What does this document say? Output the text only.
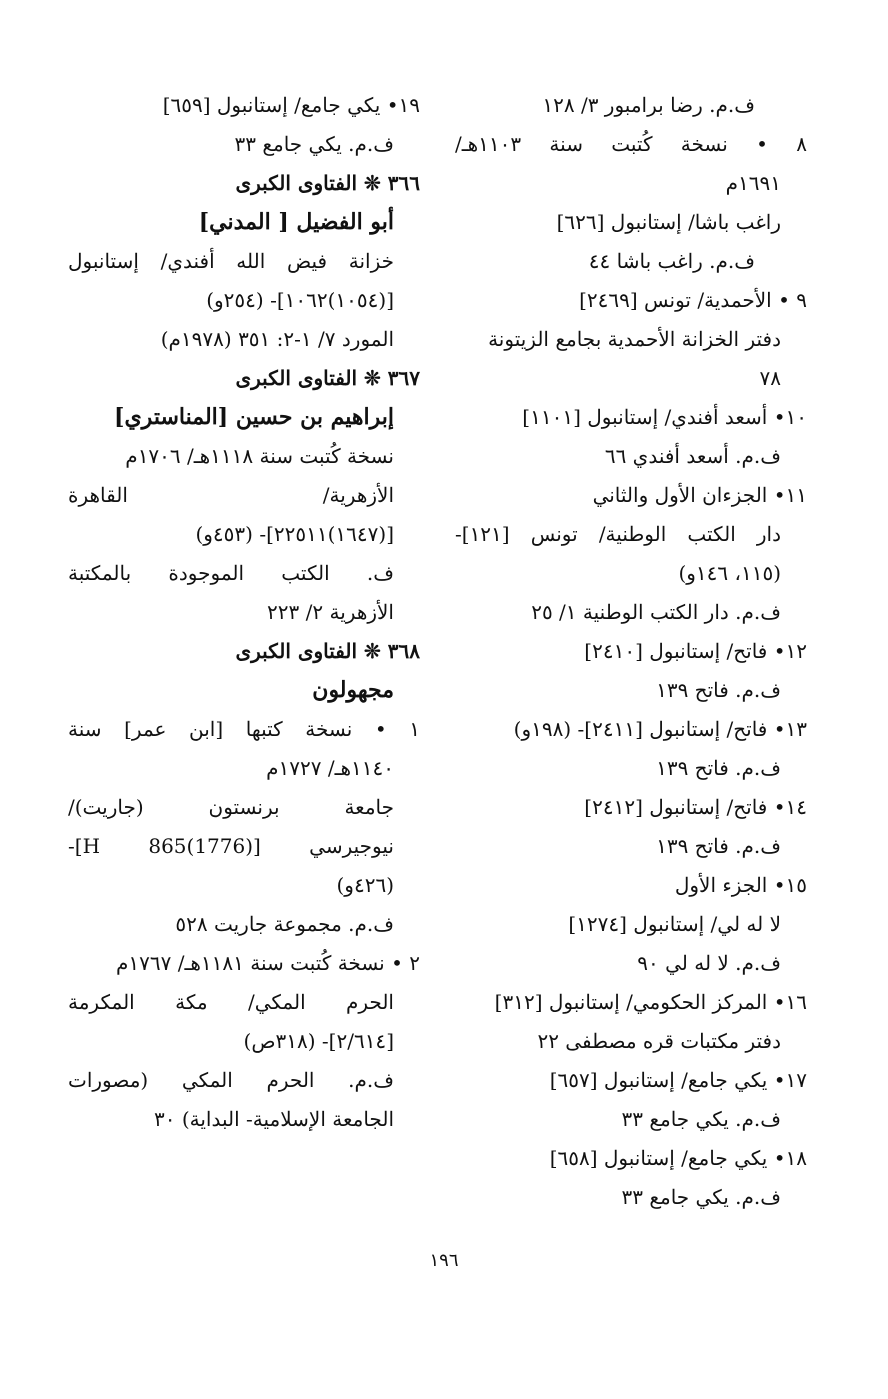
ف.م. رضا برامبور ٣/ ١٢٨
٨ • نسخة كُتبت سنة ١١٠٣هـ/
١٦٩١م
راغب باشا/ إستانبول [٦٢٦]
ف.م. راغب باشا ٤٤
٩ • الأحمدية/ تونس [٢٤٦٩]
دفتر الخزانة الأحمدية بجامع الزيتونة
٧٨
١٠• أسعد أفندي/ إستانبول [١١٠١]
ف.م. أسعد أفندي ٦٦
١١• الجزءان الأول والثاني
دار الكتب الوطنية/ تونس [١٢١]-
(١١٥، ١٤٦و)
ف.م. دار الكتب الوطنية ١/ ٢٥
١٢• فاتح/ إستانبول [٢٤١٠]
ف.م. فاتح ١٣٩
١٣• فاتح/ إستانبول [٢٤١١]- (١٩٨و)
ف.م. فاتح ١٣٩
١٤• فاتح/ إستانبول [٢٤١٢]
ف.م. فاتح ١٣٩
١٥• الجزء الأول
لا له لي/ إستانبول [١٢٧٤]
ف.م. لا له لي ٩٠
١٦• المركز الحكومي/ إستانبول [٣١٢]
دفتر مكتبات قره مصطفى ٢٢
١٧• يكي جامع/ إستانبول [٦٥٧]
ف.م. يكي جامع ٣٣
١٨• يكي جامع/ إستانبول [٦٥٨]
ف.م. يكي جامع ٣٣
١٩• يكي جامع/ إستانبول [٦٥٩]
ف.م. يكي جامع ٣٣
٣٦٦ ❊ الفتاوى الكبرى
أبو الفضيل [ المدني]
خزانة فيض الله أفندي/ إستانبول
[(١٠٥٤)١٠٦٢]- (٢٥٤و)
المورد ٧/ ١-٢: ٣٥١ (١٩٧٨م)
٣٦٧ ❊ الفتاوى الكبرى
إبراهيم بن حسين [المناستري]
نسخة كُتبت سنة ١١١٨هـ/ ١٧٠٦م
الأزهرية/ القاهرة
[(١٦٤٧)٢٢٥١١]- (٤٥٣و)
ف. الكتب الموجودة بالمكتبة
الأزهرية ٢/ ٢٢٣
٣٦٨ ❊ الفتاوى الكبرى
مجهولون
١ • نسخة كتبها [ابن عمر] سنة
١١٤٠هـ/ ١٧٢٧م
جامعة برنستون (جاريت)/
نيوجيرسي [H 865(1776)]-
(٤٢٦و)
ف.م. مجموعة جاريت ٥٢٨
٢ • نسخة كُتبت سنة ١١٨١هـ/ ١٧٦٧م
الحرم المكي/ مكة المكرمة
[٢/٦١٤]- (٣١٨ص)
ف.م. الحرم المكي (مصورات
الجامعة الإسلامية- البداية) ٣٠
١٩٦
